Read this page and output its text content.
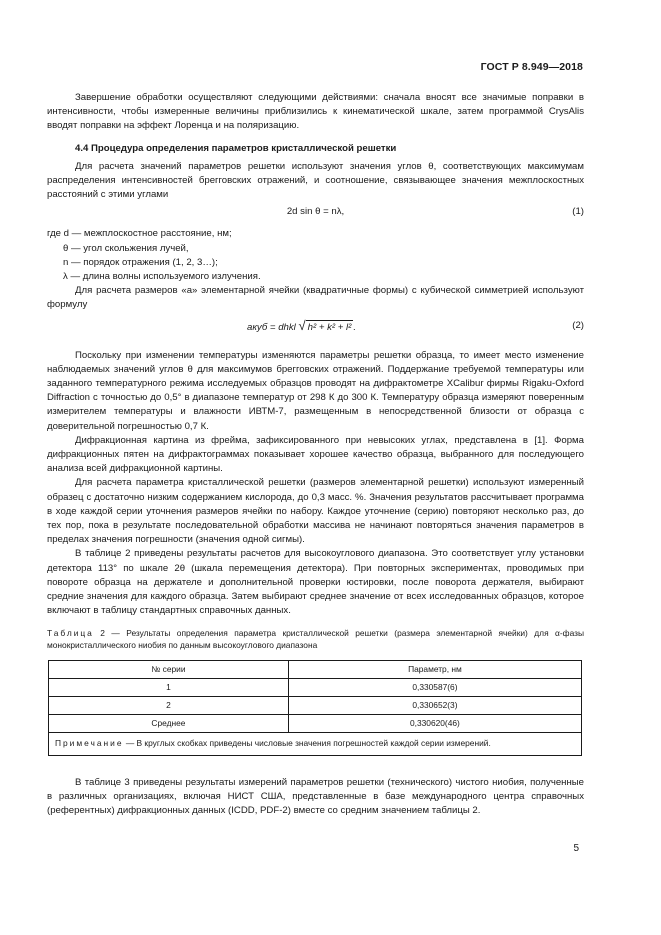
ГОСТ Р 8.949—2018

Завершение обработки осуществляют следующими действиями: сначала вносят все значимые поправки в интенсивности, чтобы измеренные величины приблизились к кинематической шкале, затем программой CrysAlis вводят поправки на эффект Лоренца и на поляризацию.

4.4 Процедура определения параметров кристаллической решетки

Для расчета значений параметров решетки используют значения углов θ, соответствующих максимумам распределения интенсивностей брегговских отражений, и соотношение, связывающее значения межплоскостных расстояний с этими углами

2d sin θ = nλ,	(1)
где d — межплоскостное расстояние, нм;
θ — угол скольжения лучей,
n — порядок отражения (1, 2, 3…);
λ — длина волны используемого излучения.

Для расчета размеров «a» элементарной ячейки (квадратичные формы) с кубической симметрией используют формулу

aкуб = dhkl √ h² + k² + l² .	(2)

Поскольку при изменении температуры изменяются параметры решетки образца, то имеет место изменение наблюдаемых значений углов θ для максимумов брегговских отражений. Поддержание требуемой температуры или заданного температурного режима исследуемых образцов проводят на дифрактометре XCalibur фирмы Rigaku-Oxford Diffraction с точностью до 0,5° в диапазоне температур от 298 К до 300 К. Температуру образца измеряют поверенным измерителем температуры и влажности ИВТМ-7, размещенным в непосредственной близости от образца с доверительной погрешностью 0,7 К.

Дифракционная картина из фрейма, зафиксированного при невысоких углах, представлена в [1]. Форма дифракционных пятен на дифрактограммах показывает хорошее качество образца, выбранного для последующего анализа всей дифракционной картины.

Для расчета параметра кристаллической решетки (размеров элементарной решетки) используют измеренный образец с достаточно низким содержанием кислорода, до 0,3 масс. %. Значения результатов рассчитывает программа в ходе каждой серии уточнения размеров ячейки по набору. Каждое уточнение (серию) повторяют несколько раз, до тех пор, пока в результате последовательной обработки массива не начинают повторяться значения параметров в пределах значения погрешности (значения одной сигмы).

В таблице 2 приведены результаты расчетов для высокоуглового диапазона. Это соответствует углу установки детектора 113° по шкале 2θ (шкала перемещения детектора). При повторных экспериментах, проводимых при повороте образца на держателе и дополнительной проверки юстировки, после поворота держателя, выбирают средние значения для каждого образца. Затем выбирают среднее значение от всех исследованных образцов, которое включают в таблицу стандартных справочных данных.

Таблица 2 — Результаты определения параметра кристаллической решетки (размера элементарной ячейки) для α-фазы монокристаллического ниобия по данным высокоуглового диапазона

№ серии	Параметр, нм
1	0,330587(6)
2	0,330652(3)
Среднее	0,330620(46)
Примечание — В круглых скобках приведены числовые значения погрешностей каждой серии измерений.	

В таблице 3 приведены результаты измерений параметров решетки (технического) чистого ниобия, полученные в различных организациях, включая НИСТ США, представленные в базе международного центра справочных (референтных) дифракционных данных (ICDD, PDF-2) вместе со средним значением таблицы 2.

5
